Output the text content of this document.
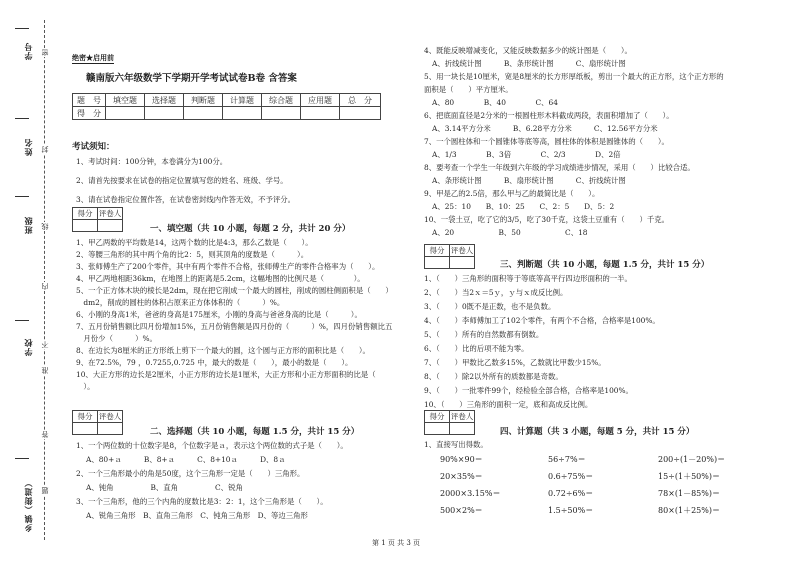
学号
姓名
班级
学校
乡镇（街道）
密
封
线
内
不
准
答
题
绝密★启用前
赣南版六年级数学下学期开学考试试卷B卷 含答案
题　号	填空题	选择题	判断题	计算题	综合题	应用题	总　分
得　分							
考试须知：
1、考试时间：100分钟，本卷满分为100分。
2、请首先按要求在试卷的指定位置填写您的姓名、班级、学号。
3、请在试卷指定位置作答，在试卷密封线内作答无效，不予评分。
得分	评卷人

一、填空题（共 10 小题，每题 2 分，共计 20 分）
1、甲乙两数的平均数是14，这两个数的比是4:3，那么乙数是（　　）。
2、等腰三角形的其中两个角的比2：5，则其顶角的度数是（　　　）。
3、张师傅生产了200个零件，其中有两个零件不合格，张师傅生产的零件合格率为（　　）。
4、甲乙两地相距36km，在地图上的距离是5.2cm，这幅地图的比例尺是（　　　　）。
5、一个正方体木块的棱长是2dm，现在把它削成一个最大的圆柱，削成的圆柱侧面积是（　　）
　dm2，削成的圆柱的体积占原来正方体体积的（　　　）%。
6、小刚的身高1米，爸爸的身高是175厘米，小刚的身高与爸爸身高的比是（　　　）。
7、五月份销售额比四月份增加15%，五月份销售额是四月份的（　　　）%，四月份销售额比五
　月份少（　　　）%。
8、在边长为8厘米的正方形纸上剪下一个最大的圆，这个圆与正方形的面积比是（　　）。
9、在72.5%，79 ，0.7255,0.725 中，最大的数是（　　），最小的数是（　　）。
10、大正方形的边长是2厘米，小正方形的边长是1厘米，大正方形和小正方形面积的比是（　　
　）。
得分	评卷人

二、选择题（共 10 小题，每题 1.5 分，共计 15 分）
1、一个两位数的十位数字是8，个位数字是ａ，表示这个两位数的式子是（　　）。
A、80+ａ　　　B、8+ａ　　　C、8+10ａ　　　D、8ａ
2、一个三角形最小的角是50度，这个三角形一定是（　　）三角形。
A、钝角　　　　　B、直角　　　　　C、锐角
3、一个三角形，他的三个内角的度数比是3：2：1，这个三角形是（　　）。
A、锐角三角形　B、直角三角形　C、钝角三角形　D、等边三角形
4、既能反映增减变化，又能反映数据多少的统计图是（　　）。
A、折线统计图　　　B、条形统计图　　　C、扇形统计图
5、用一块长是10厘米，宽是8厘米的长方形厚纸板，剪出一个最大的正方形，这个正方形的
面积是（　　）平方厘米。
A、80　　　　B、40　　　　C、64
6、把底面直径是2分米的一根圆柱形木料截成两段，表面积增加了（　　）。
A、3.14平方分米　　　B、6.28平方分米　　　C、12.56平方分米
7、一个圆柱体和一个圆锥体等底等高，圆柱体的体积是圆锥体的（　　）。
A、1/3　　　　B、3倍　　　　C、2/3　　　　D、2倍
8、要考查一个学生一年级到六年级的学习成绩进步情况，采用（　　）比较合适。
A、条形统计图　　　B、扇形统计图　　　C、折线统计图
9、甲是乙的2.5倍，那么甲与乙的最简比是（　　）。
A、25：10　　B、10：25　　C、2：5　　D、5：2
10、一袋土豆，吃了它的3/5，吃了30千克，这袋土豆重有（　　）千克。
A、20　　　　　　B、50　　　　　　C、18
得分	评卷人

三、判断题（共 10 小题，每题 1.5 分，共计 15 分）
1、（　　）三角形的面积等于等底等高平行四边形面积的一半。
2、（　　）当2ｘ＝5ｙ，ｙ与ｘ成反比例。
3、（　　）0既不是正数，也不是负数。
4、（　　）李师傅加工了102个零件，有两个不合格，合格率是100%。
5、（　　）所有的自然数都有倒数。
6、（　　）比的后项不能为零。
7、（　　）甲数比乙数多15%，乙数就比甲数少15%。
8、（　　）除2以外所有的质数都是奇数。
9、（　　）一批零件99个，经检验全部合格，合格率是100%。
10、（　　）三角形的面积一定，底和高成反比例。
得分	评卷人

四、计算题（共 3 小题，每题 5 分，共计 15 分）
1、直接写出得数。
90%×90＝	56÷7%＝	200÷(1－20%)＝
20×35%＝	0.6÷75%＝	15÷(1＋50%)＝
2000×3.15%＝	0.72÷6%＝	78×(1－85%)＝
500×2%＝	1.5÷50%＝	80×(1＋25%)＝
第 1 页 共 3 页
